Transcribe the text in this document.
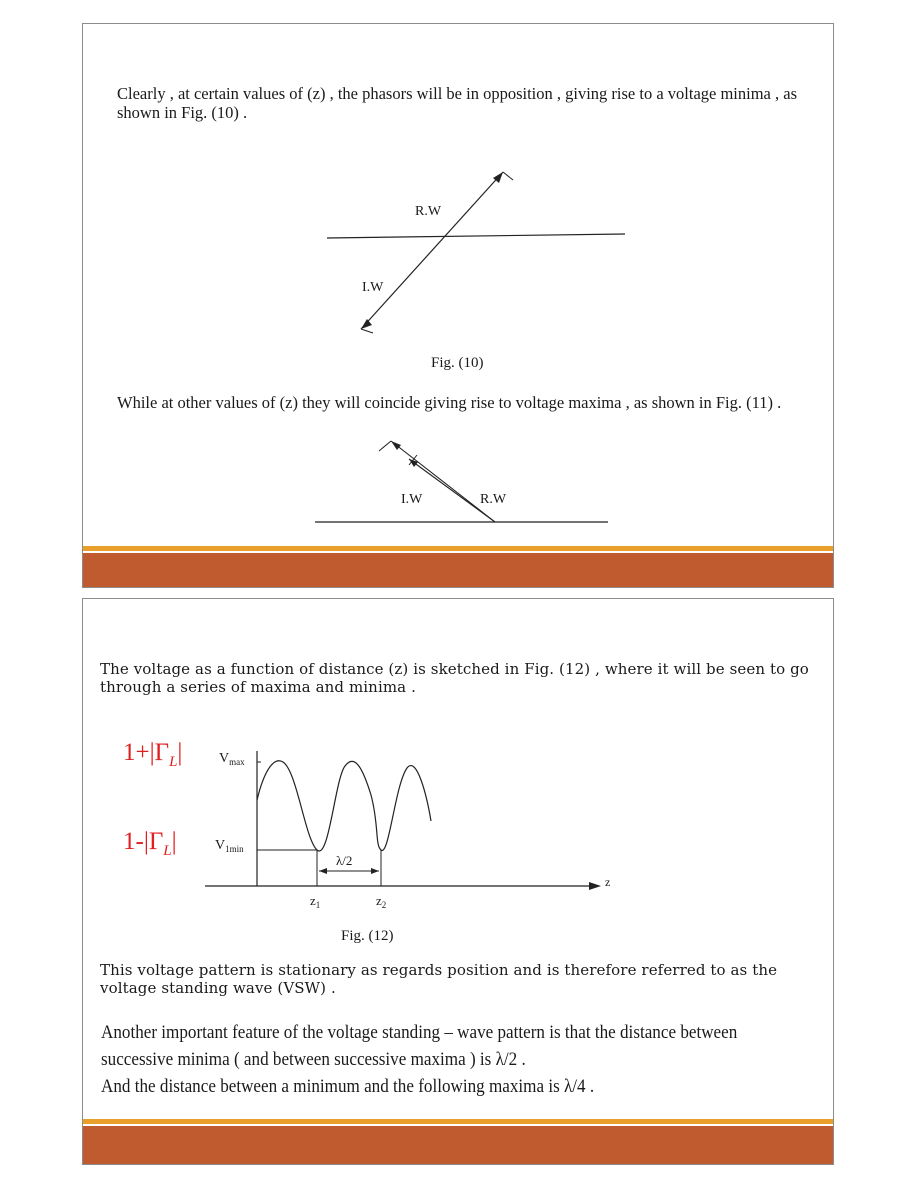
Clearly , at certain values of (z) , the phasors will be in opposition , giving rise to a voltage minima , as shown in Fig. (10) .

R.W
I.W
Fig. (10)

While at other values of (z) they will coincide giving rise to voltage maxima , as shown in Fig. (11) .

I.W	R.W

The voltage as a function of distance (z) is sketched in Fig. (12) , where it will be seen to go through a series of maxima and minima .

$1+|\Gamma_L|$
$1-|\Gamma_L|$
$V_{max}$
$V_{1min}$
z
λ/2
$z_1$	$z_2$
Fig. (12)

This voltage pattern is stationary as regards position and is therefore referred to as the voltage standing wave (VSW) .

Another important feature of the voltage standing – wave pattern is that the distance between

successive minima ( and between successive maxima ) is λ/2 .

And the distance between a minimum and the following maxima is λ/4 .
